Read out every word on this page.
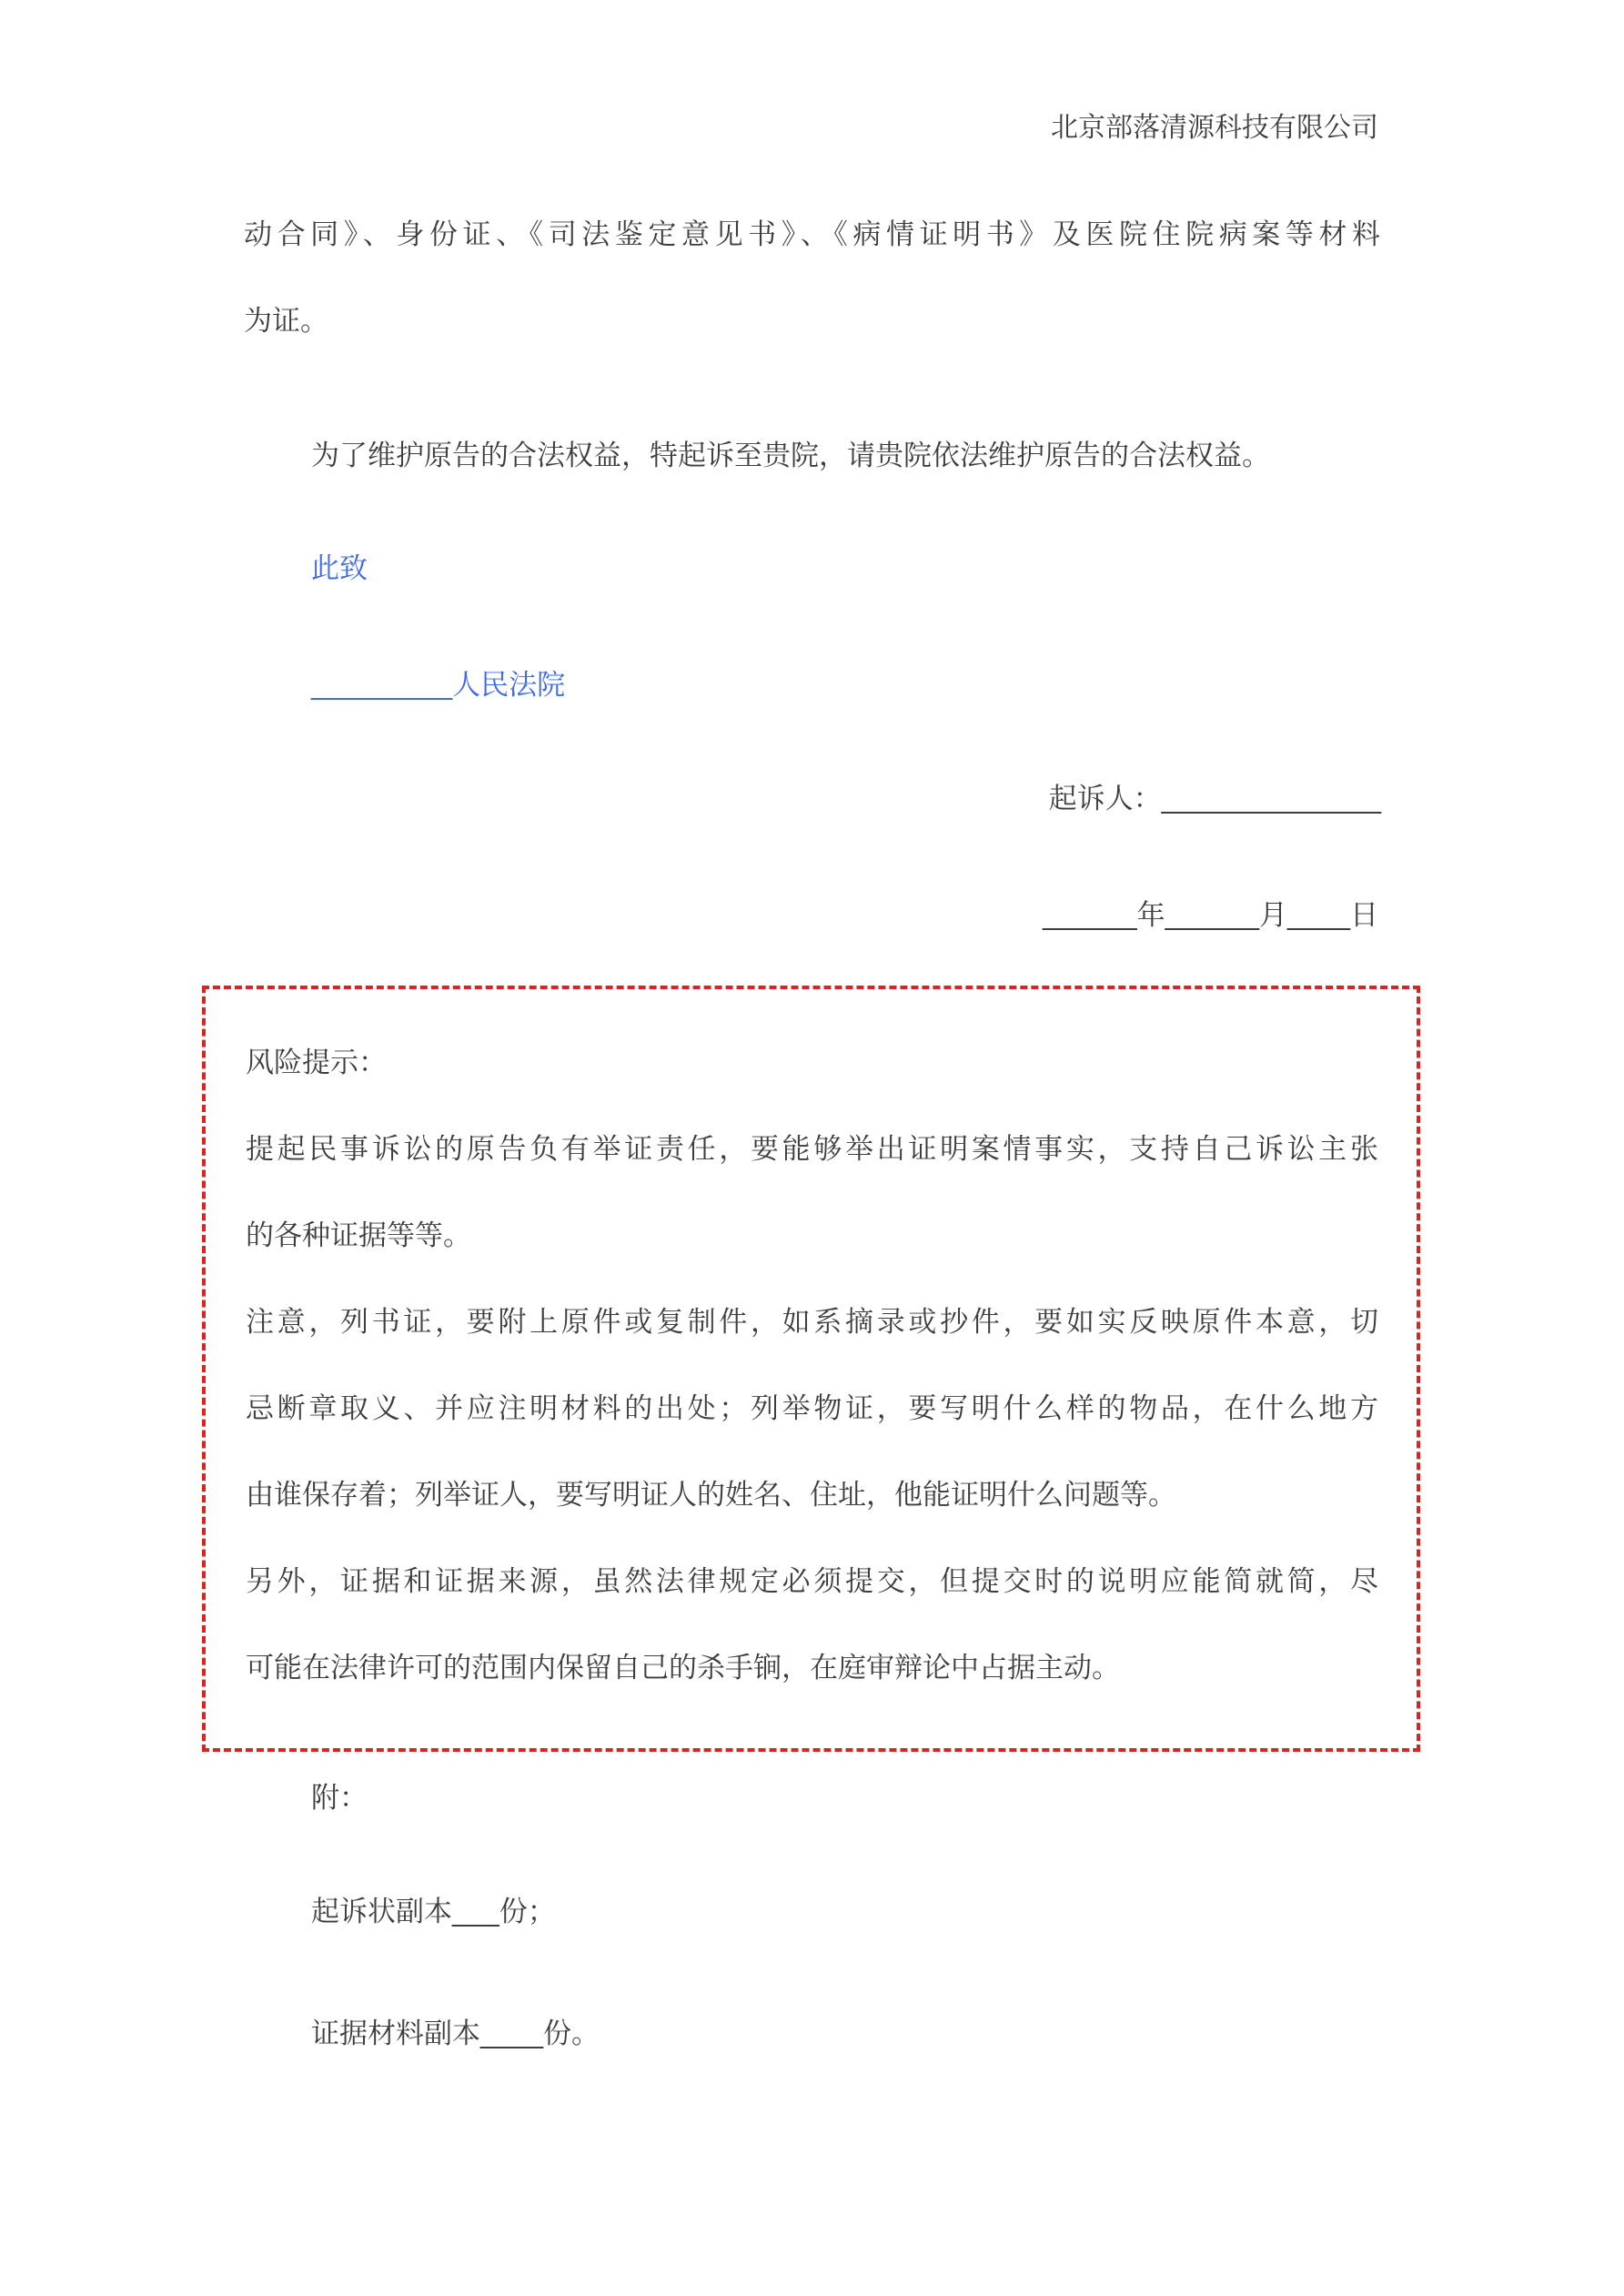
北京部落清源科技有限公司
动合同》、身份证、《司法鉴定意见书》、《病情证明书》及医院住院病案等材料
为证。
为了维护原告的合法权益，特起诉至贵院，请贵院依法维护原告的合法权益。
此致
_________人民法院
起诉人：______________
______年______月____日
风险提示：
提起民事诉讼的原告负有举证责任，要能够举出证明案情事实，支持自己诉讼主张
的各种证据等等。
注意，列书证，要附上原件或复制件，如系摘录或抄件，要如实反映原件本意，切
忌断章取义、并应注明材料的出处；列举物证，要写明什么样的物品，在什么地方
由谁保存着；列举证人，要写明证人的姓名、住址，他能证明什么问题等。
另外，证据和证据来源，虽然法律规定必须提交，但提交时的说明应能简就简，尽
可能在法律许可的范围内保留自己的杀手锏，在庭审辩论中占据主动。
附：
起诉状副本___份；
证据材料副本____份。
